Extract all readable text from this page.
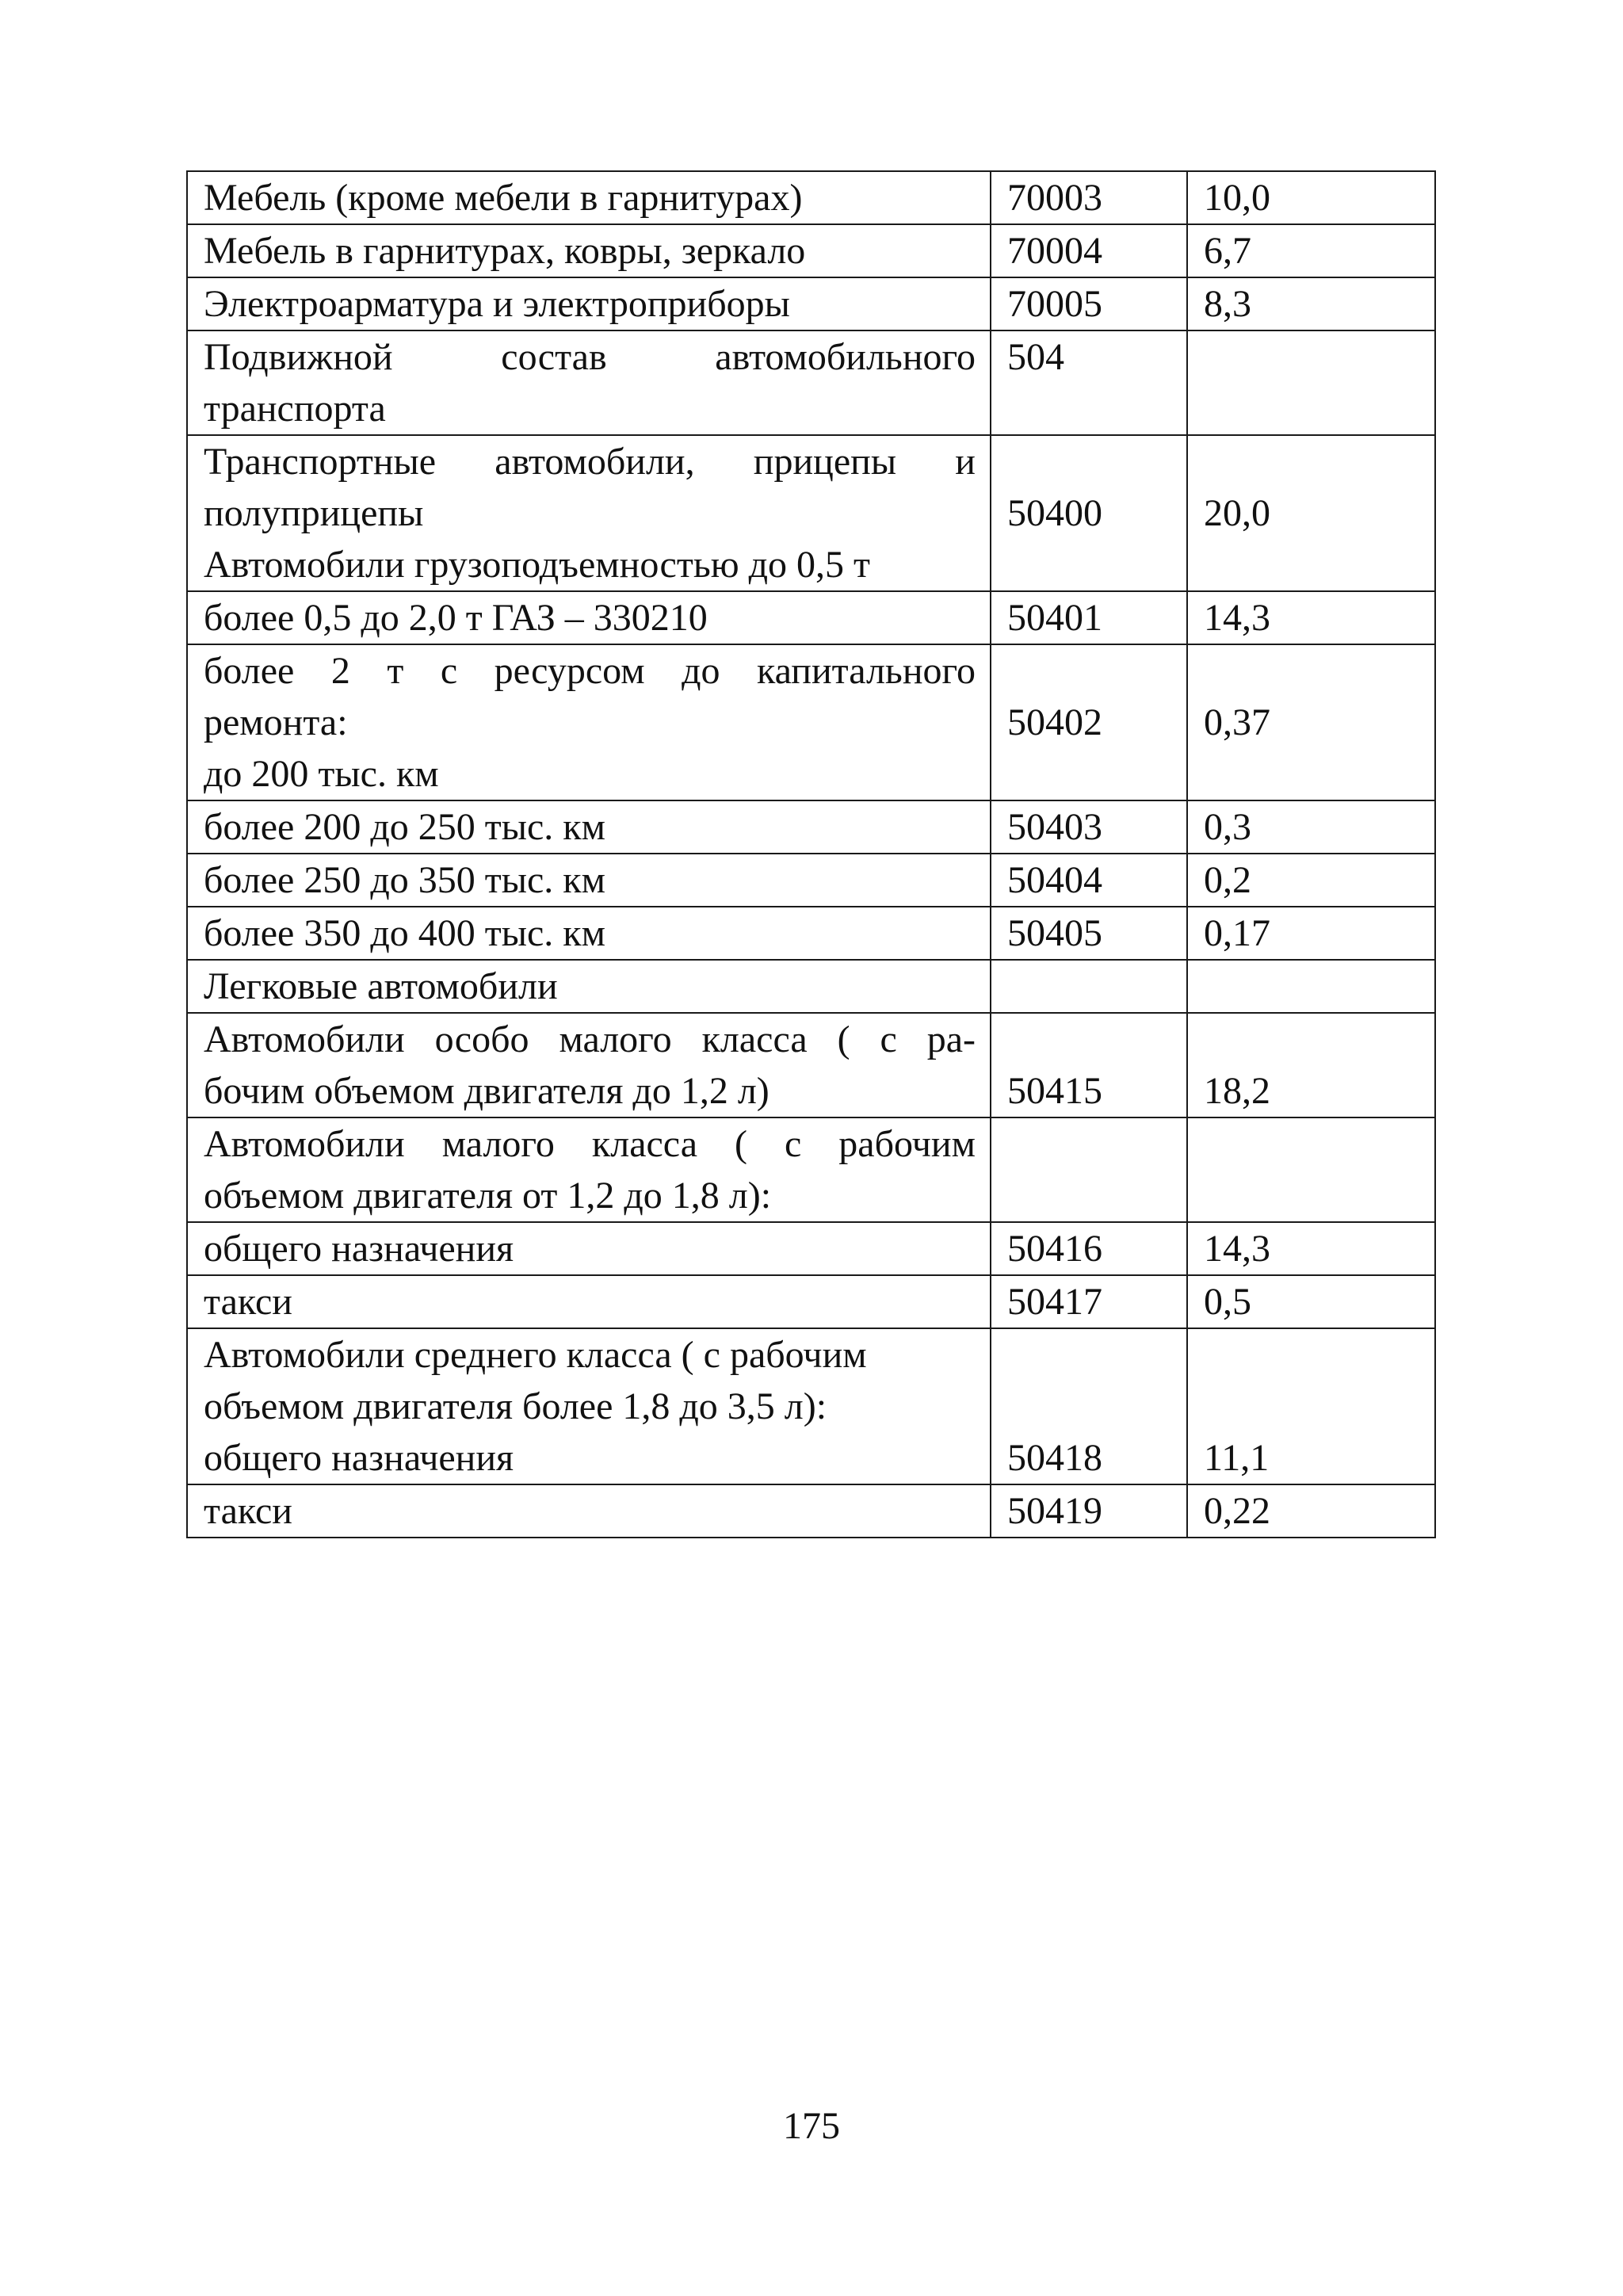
Мебель (кроме мебели в гарнитурах)	70003	10,0

Мебель в гарнитурах, ковры, зеркало	70004	6,7

Электроарматура и электроприборы	70005	8,3

Подвижной состав автомобильного
транспорта	504	

Транспортные автомобили, прицепы и
полуприцепы
Автомобили грузоподъемностью до 0,5 т	50400	20,0

более 0,5 до 2,0 т ГАЗ – 330210	50401	14,3

более 2 т с ресурсом до капитального
ремонта:
до 200 тыс. км	50402	0,37

более 200 до 250 тыс. км	50403	0,3

более 250 до 350 тыс. км	50404	0,2

более 350 до 400 тыс. км	50405	0,17

Легковые автомобили		

Автомобили особо малого класса ( с ра-
бочим объемом двигателя до 1,2 л)	50415	18,2

Автомобили малого класса ( с рабочим
объемом двигателя от 1,2 до 1,8 л):		

общего назначения	50416	14,3

такси	50417	0,5

Автомобили среднего класса ( с рабочим
объемом двигателя более 1,8 до 3,5 л):
общего назначения	50418	11,1

такси	50419	0,22
175
